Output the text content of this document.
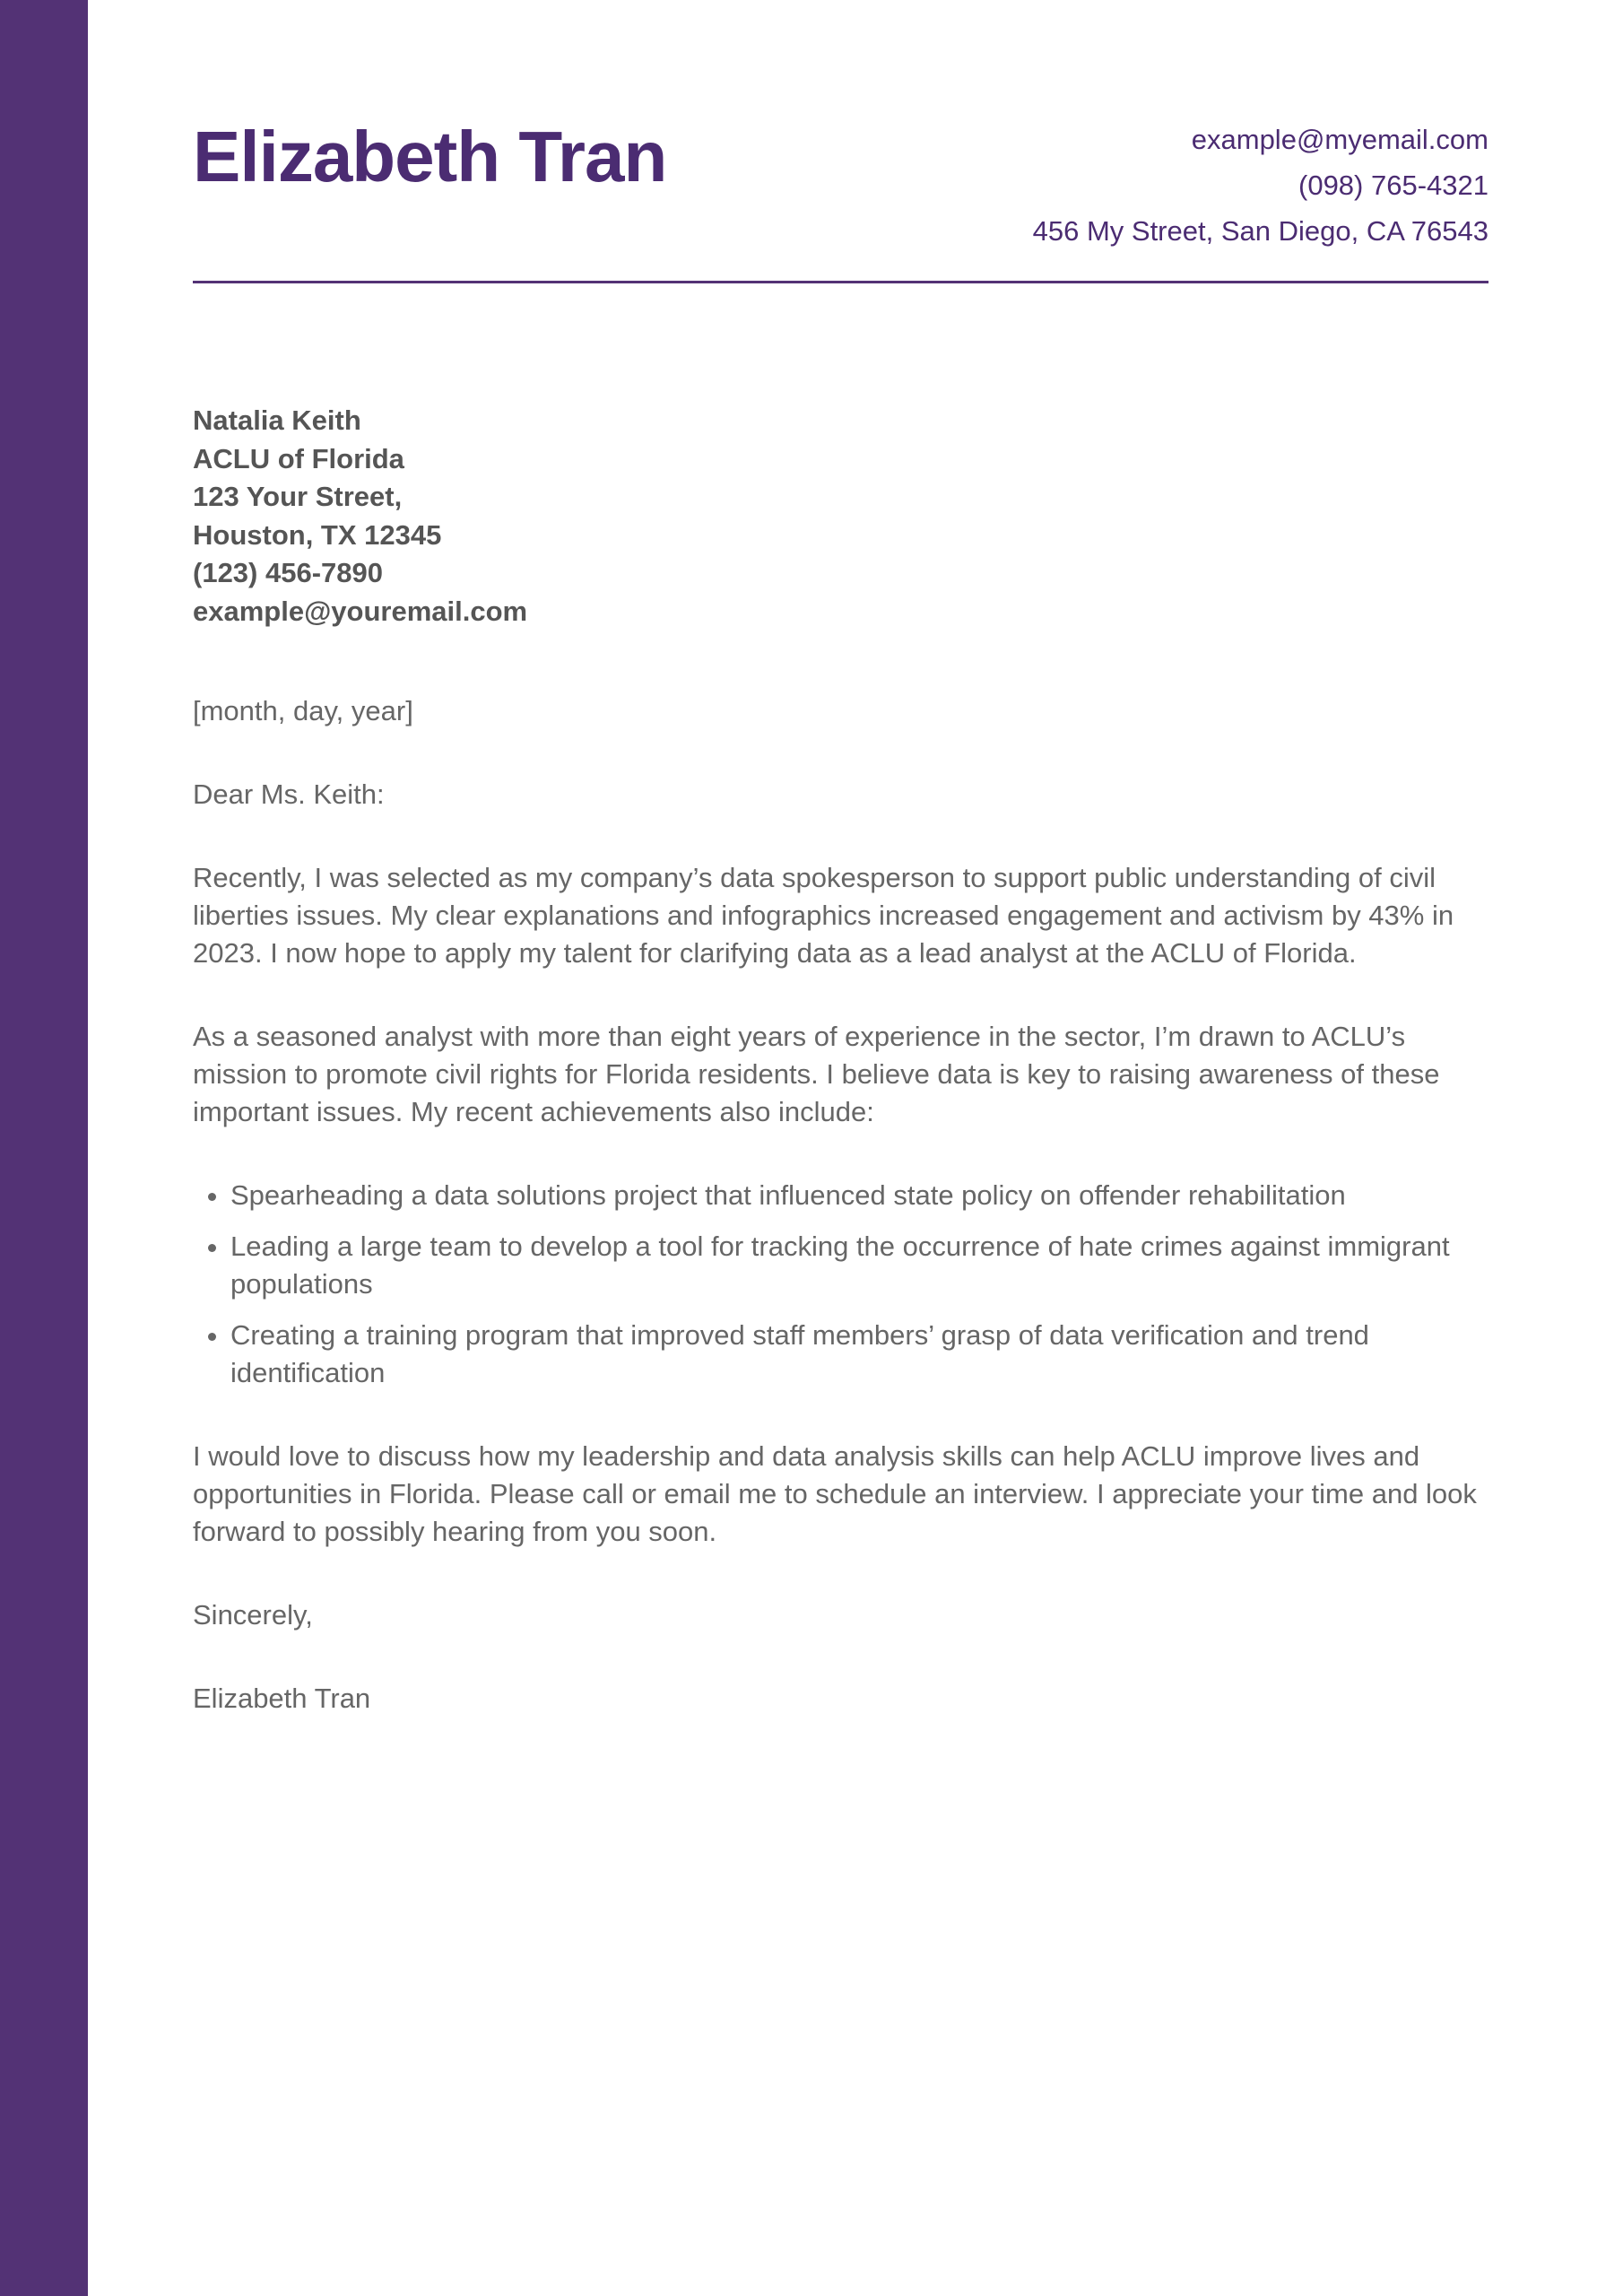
Elizabeth Tran	example@myemail.com
(098) 765-4321
456 My Street, San Diego, CA 76543
Natalia Keith
ACLU of Florida
123 Your Street,
Houston, TX 12345
(123) 456-7890
example@youremail.com

[month, day, year]

Dear Ms. Keith:

Recently, I was selected as my company’s data spokesperson to support public understanding of civil liberties issues. My clear explanations and infographics increased engagement and activism by 43% in 2023. I now hope to apply my talent for clarifying data as a lead analyst at the ACLU of Florida.

As a seasoned analyst with more than eight years of experience in the sector, I’m drawn to ACLU’s mission to promote civil rights for Florida residents. I believe data is key to raising awareness of these important issues. My recent achievements also include:

• Spearheading a data solutions project that influenced state policy on offender rehabilitation
• Leading a large team to develop a tool for tracking the occurrence of hate crimes against immigrant populations
• Creating a training program that improved staff members’ grasp of data verification and trend identification

I would love to discuss how my leadership and data analysis skills can help ACLU improve lives and opportunities in Florida. Please call or email me to schedule an interview. I appreciate your time and look forward to possibly hearing from you soon.

Sincerely,

Elizabeth Tran
